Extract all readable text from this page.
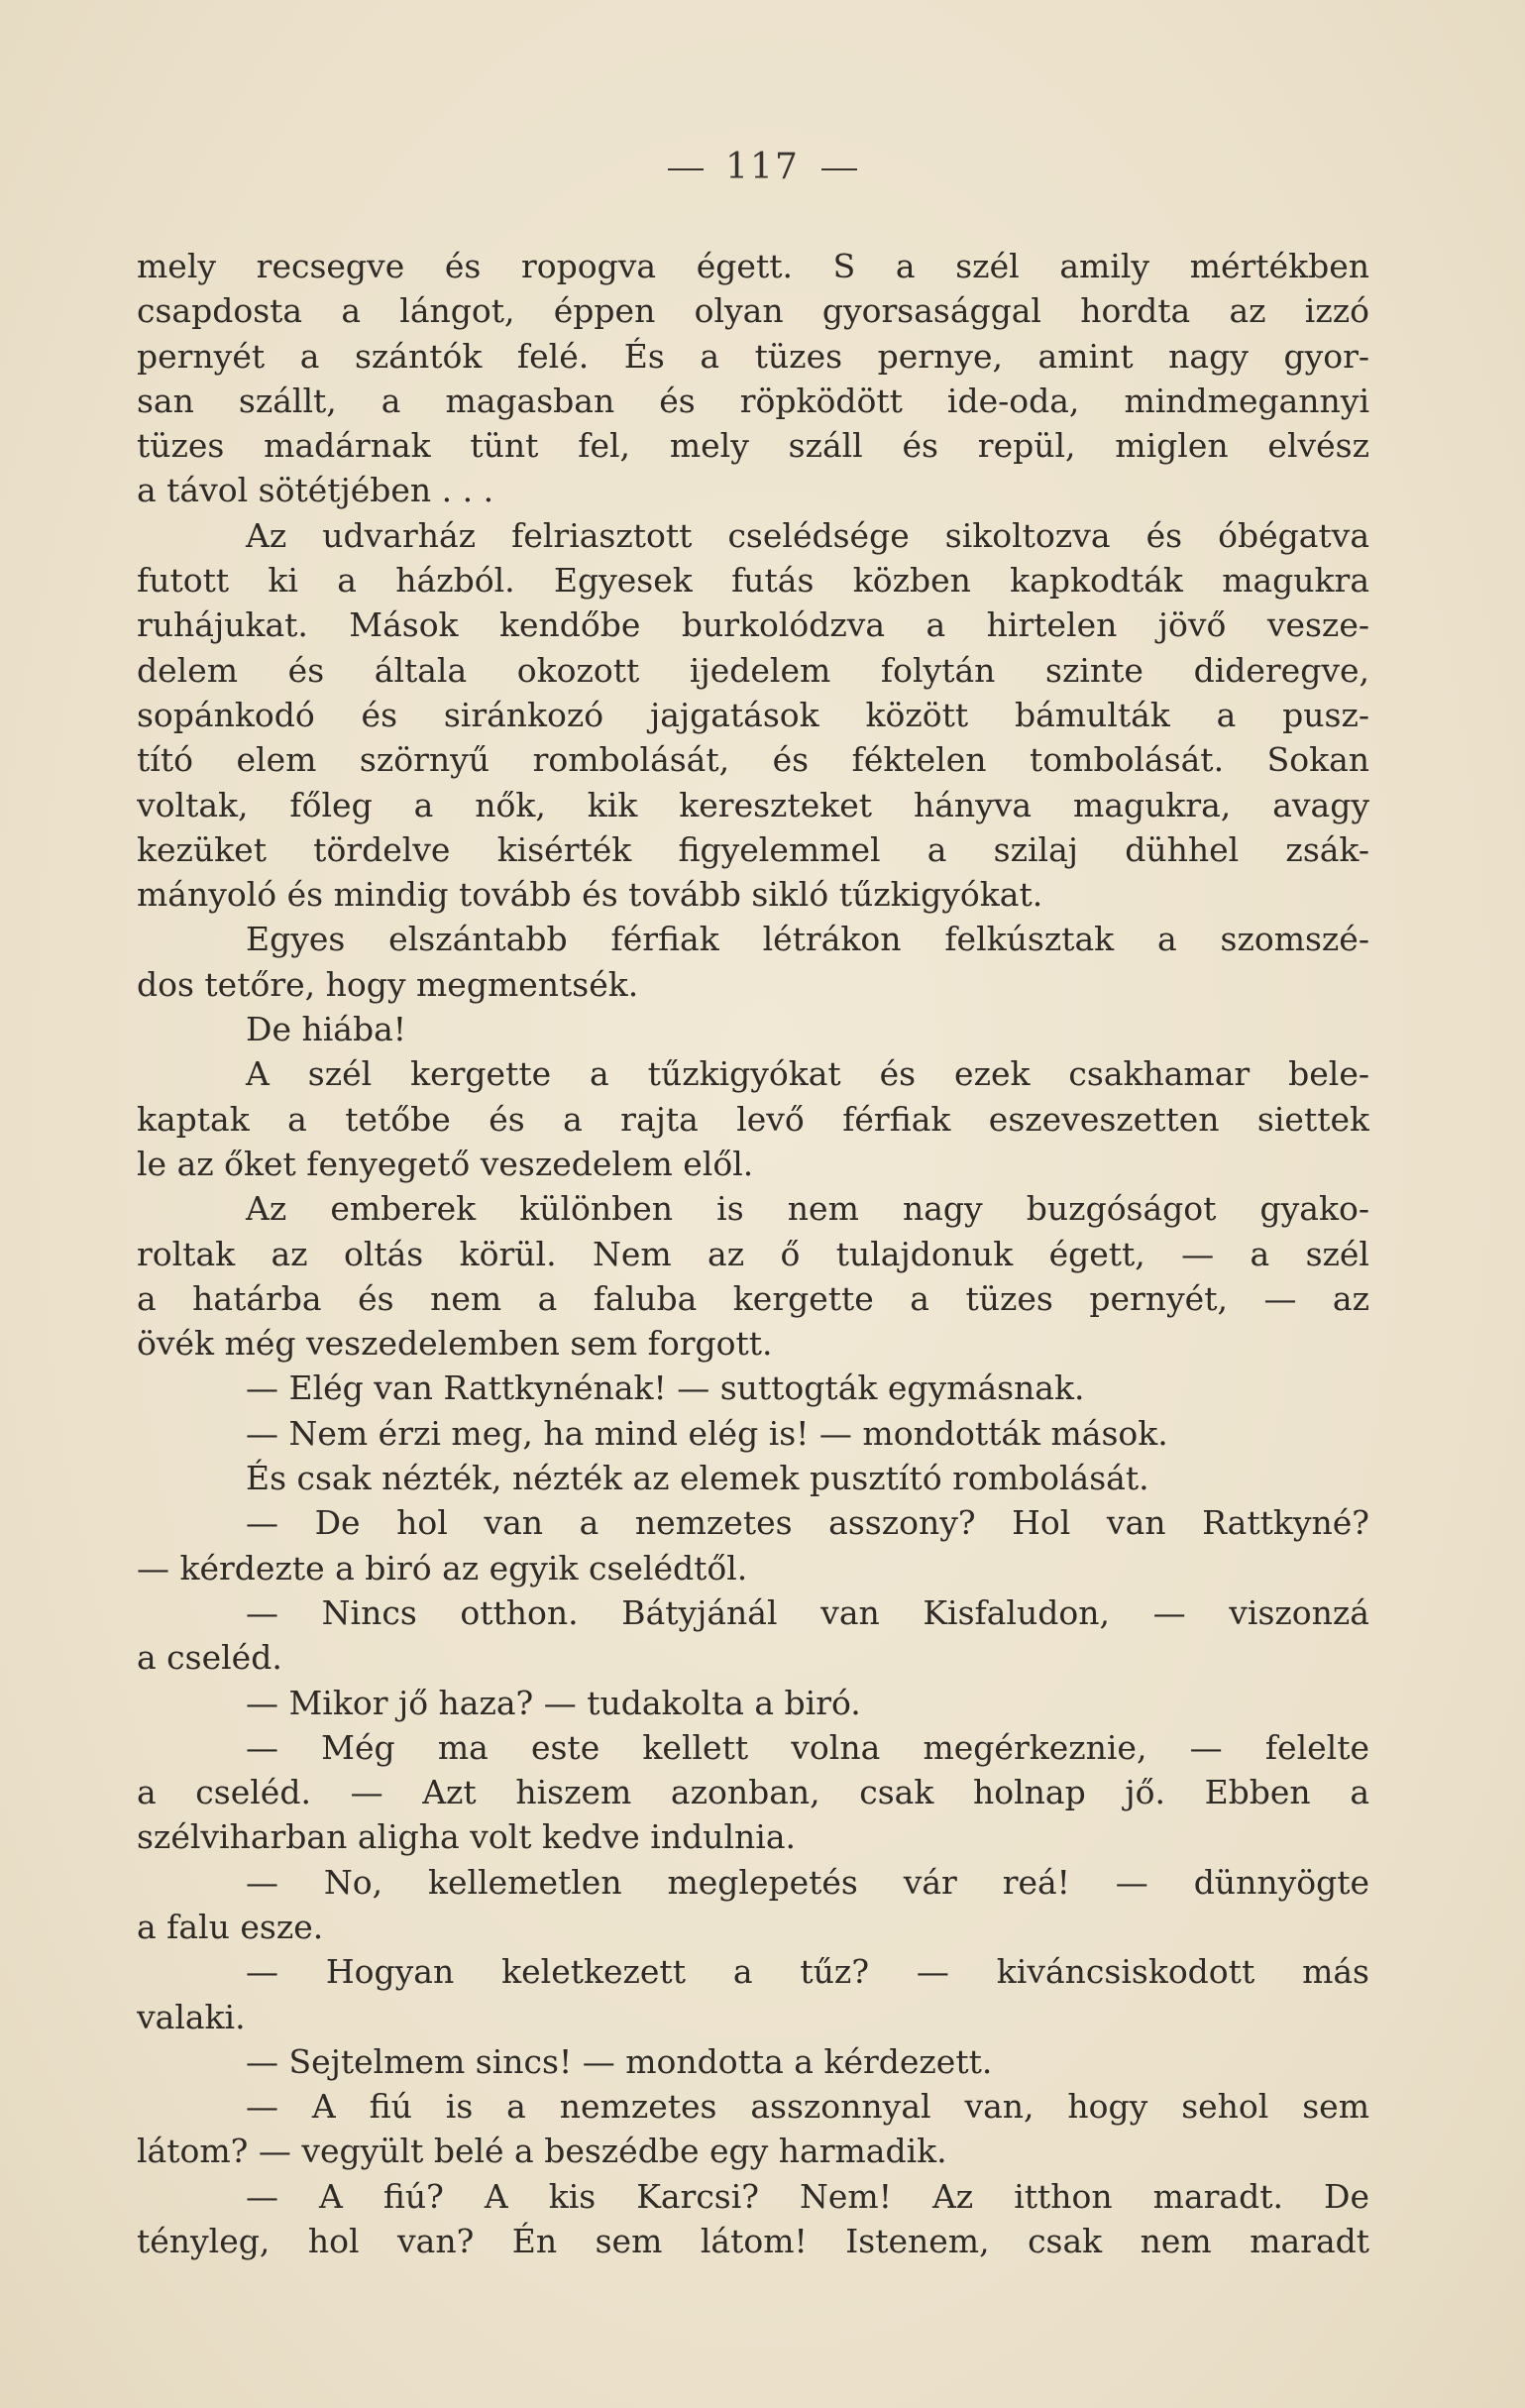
117
mely recsegve és ropogva égett. S a szél amily mértékben
csapdosta a lángot, éppen olyan gyorsasággal hordta az izzó
pernyét a szántók felé. És a tüzes pernye, amint nagy gyor-
san szállt, a magasban és röpködött ide-oda, mindmegannyi
tüzes madárnak tünt fel, mely száll és repül, miglen elvész
a távol sötétjében . . .
Az udvarház felriasztott cselédsége sikoltozva és óbégatva
futott ki a házból. Egyesek futás közben kapkodták magukra
ruhájukat. Mások kendőbe burkolódzva a hirtelen jövő vesze-
delem és általa okozott ijedelem folytán szinte dideregve,
sopánkodó és siránkozó jajgatások között bámulták a pusz-
tító elem szörnyű rombolását, és féktelen tombolását. Sokan
voltak, főleg a nők, kik kereszteket hányva magukra, avagy
kezüket tördelve kisérték figyelemmel a szilaj dühhel zsák-
mányoló és mindig tovább és tovább sikló tűzkigyókat.
Egyes elszántabb férfiak létrákon felkúsztak a szomszé-
dos tetőre, hogy megmentsék.
De hiába!
A szél kergette a tűzkigyókat és ezek csakhamar bele-
kaptak a tetőbe és a rajta levő férfiak eszeveszetten siettek
le az őket fenyegető veszedelem elől.
Az emberek különben is nem nagy buzgóságot gyako-
roltak az oltás körül. Nem az ő tulajdonuk égett, — a szél
a határba és nem a faluba kergette a tüzes pernyét, — az
övék még veszedelemben sem forgott.
— Elég van Rattkynénak! — suttogták egymásnak.
— Nem érzi meg, ha mind elég is! — mondották mások.
És csak nézték, nézték az elemek pusztító rombolását.
— De hol van a nemzetes asszony? Hol van Rattkyné?
— kérdezte a biró az egyik cselédtől.
— Nincs otthon. Bátyjánál van Kisfaludon, — viszonzá
a cseléd.
— Mikor jő haza? — tudakolta a biró.
— Még ma este kellett volna megérkeznie, — felelte
a cseléd. — Azt hiszem azonban, csak holnap jő. Ebben a
szélviharban aligha volt kedve indulnia.
— No, kellemetlen meglepetés vár reá! — dünnyögte
a falu esze.
— Hogyan keletkezett a tűz? — kiváncsiskodott más
valaki.
— Sejtelmem sincs! — mondotta a kérdezett.
— A fiú is a nemzetes asszonnyal van, hogy sehol sem
látom? — vegyült belé a beszédbe egy harmadik.
— A fiú? A kis Karcsi? Nem! Az itthon maradt. De
tényleg, hol van? Én sem látom! Istenem, csak nem maradt
